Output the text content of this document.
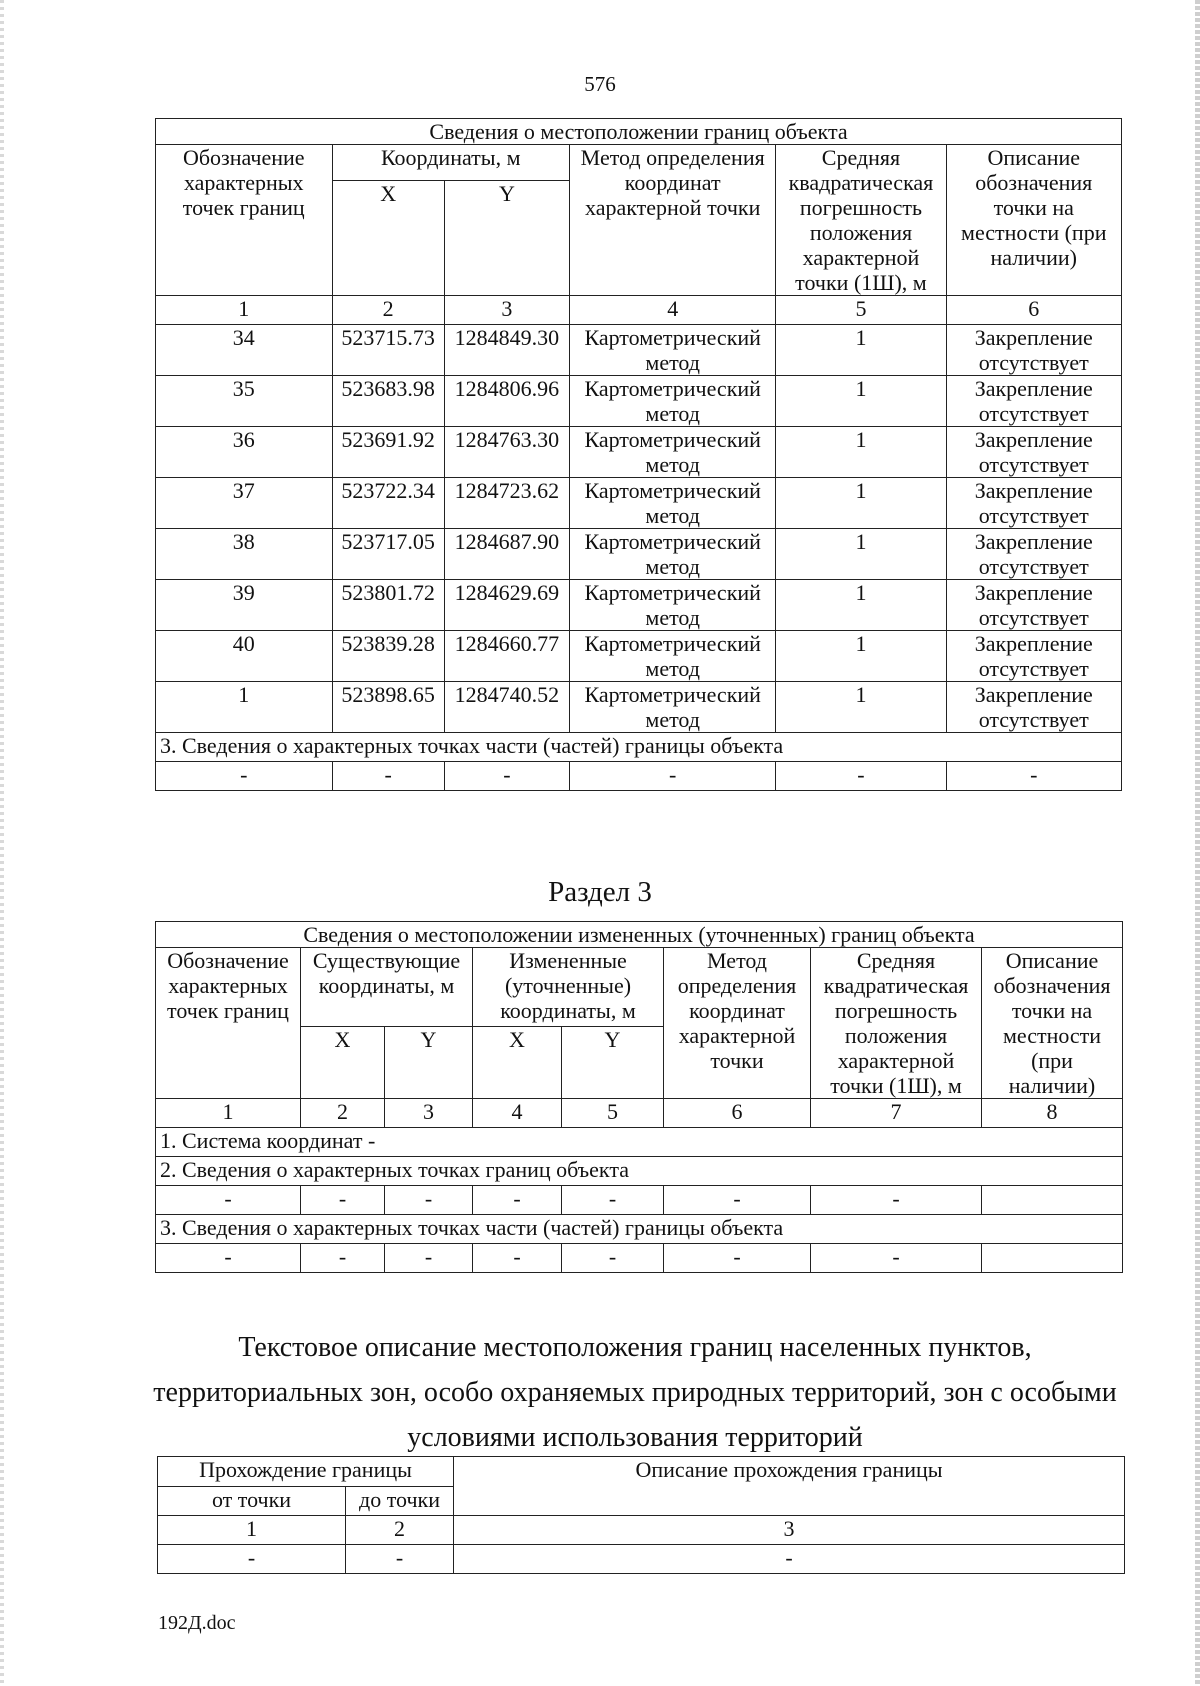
576
Сведения о местоположении границ объекта					
Обозначение характерных точек границ	Координаты, м		Метод определения координат характерной точки	Средняя квадратическая погрешность положения характерной точки (1Ш), м	Описание обозначения точки на местности (при наличии)
	X	Y			
1	2	3	4	5	6
34	523715.73	1284849.30	Картометрический метод	1	Закрепление отсутствует
35	523683.98	1284806.96	Картометрический метод	1	Закрепление отсутствует
36	523691.92	1284763.30	Картометрический метод	1	Закрепление отсутствует
37	523722.34	1284723.62	Картометрический метод	1	Закрепление отсутствует
38	523717.05	1284687.90	Картометрический метод	1	Закрепление отсутствует
39	523801.72	1284629.69	Картометрический метод	1	Закрепление отсутствует
40	523839.28	1284660.77	Картометрический метод	1	Закрепление отсутствует
1	523898.65	1284740.52	Картометрический метод	1	Закрепление отсутствует
3. Сведения о характерных точках части (частей) границы объекта					
-	-	-	-	-	-
Раздел 3
Сведения о местоположении измененных (уточненных) границ объекта							
Обозначение характерных точек границ	Существующие координаты, м		Измененные (уточненные) координаты, м		Метод определения координат характерной точки	Средняя квадратическая погрешность положения характерной точки (1Ш), м	Описание обозначения точки на местности (при наличии)
	X	Y	X	Y			
1	2	3	4	5	6	7	8
1. Система координат -							
2. Сведения о характерных точках границ объекта							
-	-	-	-	-	-	-	
3. Сведения о характерных точках части (частей) границы объекта							
-	-	-	-	-	-	-	
Текстовое описание местоположения границ населенных пунктов, территориальных зон, особо охраняемых природных территорий, зон с особыми условиями использования территорий
Прохождение границы		Описание прохождения границы
от точки	до точки	
1	2	3
-	-	-
192Д.doc
